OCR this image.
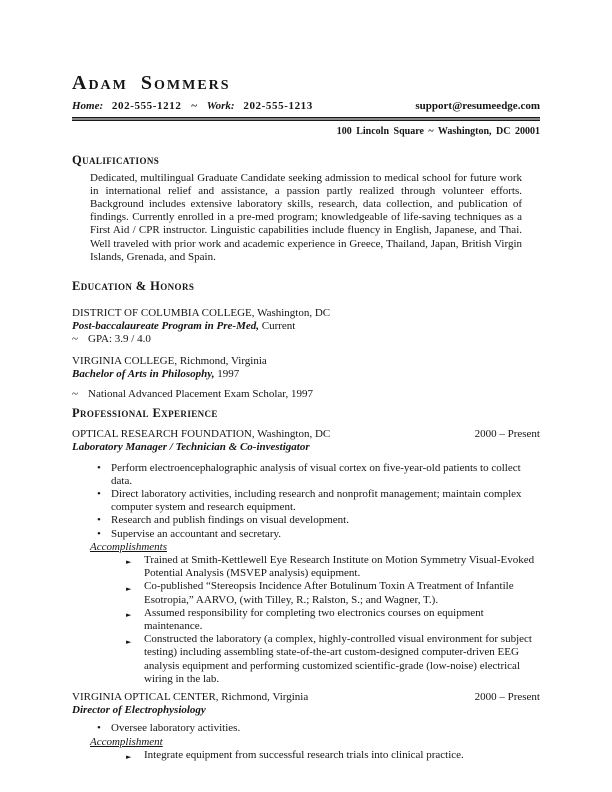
Adam Sommers
Home: 202-555-1212 ~ Work: 202-555-1213	support@resumeedge.com
100 Lincoln Square ~ Washington, DC 20001
Qualifications
Dedicated, multilingual Graduate Candidate seeking admission to medical school for future work in international relief and assistance, a passion partly realized through volunteer efforts. Background includes extensive laboratory skills, research, data collection, and publication of findings. Currently enrolled in a pre-med program; knowledgeable of life-saving techniques as a First Aid / CPR instructor. Linguistic capabilities include fluency in English, Japanese, and Thai. Well traveled with prior work and academic experience in Greece, Thailand, Japan, British Virgin Islands, Grenada, and Spain.
Education & Honors
DISTRICT OF COLUMBIA COLLEGE, Washington, DC
Post-baccalaureate Program in Pre-Med, Current
~ GPA: 3.9 / 4.0
VIRGINIA COLLEGE, Richmond, Virginia
Bachelor of Arts in Philosophy, 1997
~ National Advanced Placement Exam Scholar, 1997
Professional Experience
OPTICAL RESEARCH FOUNDATION, Washington, DC	2000 – Present
Laboratory Manager / Technician & Co-investigator
• Perform electroencephalographic analysis of visual cortex on five-year-old patients to collect data.
• Direct laboratory activities, including research and nonprofit management; maintain complex computer system and research equipment.
• Research and publish findings on visual development.
• Supervise an accountant and secretary.
Accomplishments
►	Trained at Smith-Kettlewell Eye Research Institute on Motion Symmetry Visual-Evoked Potential Analysis (MSVEP analysis) equipment.
►	Co-published “Stereopsis Incidence After Botulinum Toxin A Treatment of Infantile Esotropia,” AARVO, (with Tilley, R.; Ralston, S.; and Wagner, T.).
►	Assumed responsibility for completing two electronics courses on equipment maintenance.
►	Constructed the laboratory (a complex, highly-controlled visual environment for subject testing) including assembling state-of-the-art custom-designed computer-driven EEG analysis equipment and performing customized scientific-grade (low-noise) electrical wiring in the lab.
VIRGINIA OPTICAL CENTER, Richmond, Virginia	2000 – Present
Director of Electrophysiology
• Oversee laboratory activities.
Accomplishment
►	Integrate equipment from successful research trials into clinical practice.
